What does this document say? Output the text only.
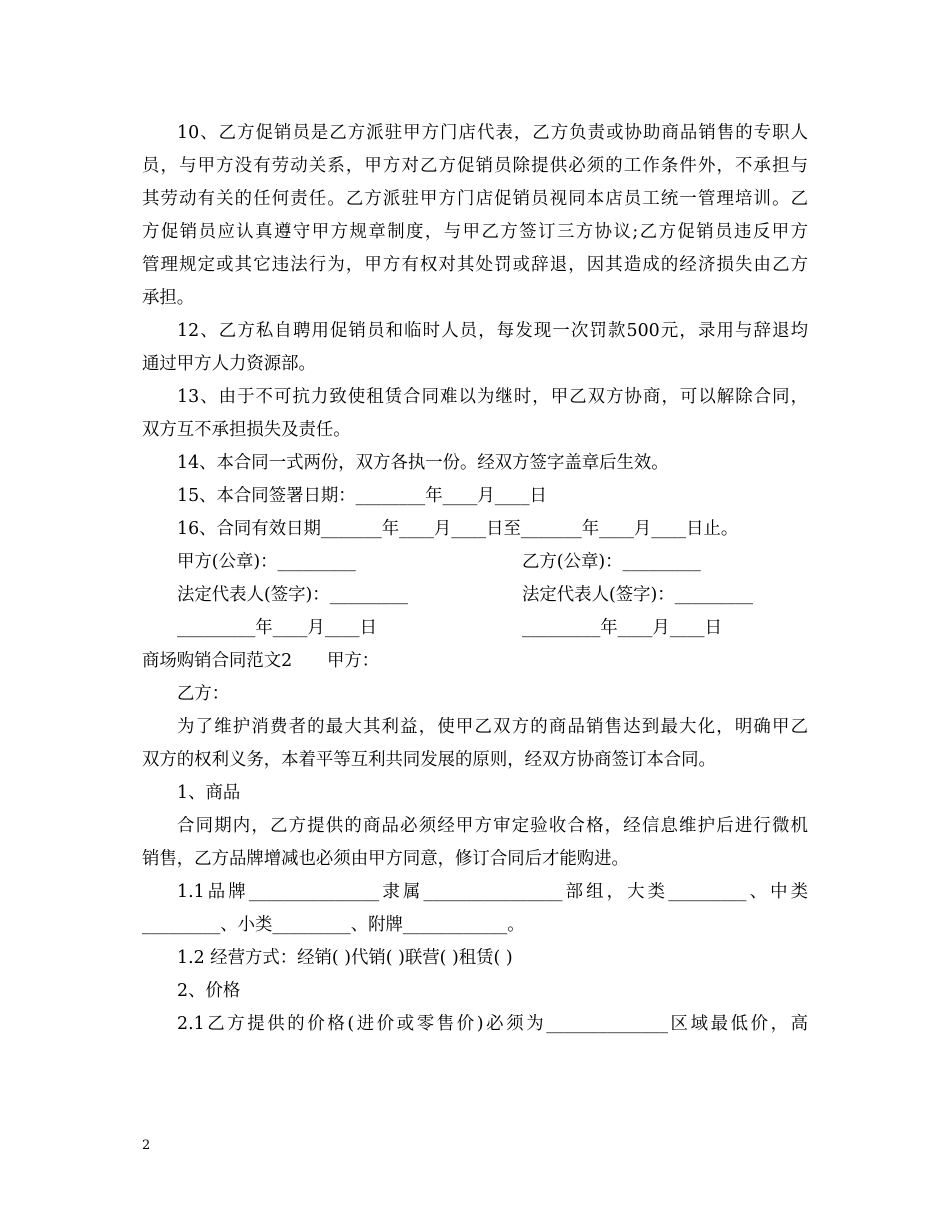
10、乙方促销员是乙方派驻甲方门店代表，乙方负责或协助商品销售的专职人
员，与甲方没有劳动关系，甲方对乙方促销员除提供必须的工作条件外，不承担与
其劳动有关的任何责任。乙方派驻甲方门店促销员视同本店员工统一管理培训。乙
方促销员应认真遵守甲方规章制度，与甲乙方签订三方协议;乙方促销员违反甲方
管理规定或其它违法行为，甲方有权对其处罚或辞退，因其造成的经济损失由乙方
承担。
12、乙方私自聘用促销员和临时人员，每发现一次罚款500元，录用与辞退均
通过甲方人力资源部。
13、由于不可抗力致使租赁合同难以为继时，甲乙双方协商，可以解除合同，
双方互不承担损失及责任。
14、本合同一式两份，双方各执一份。经双方签字盖章后生效。
15、本合同签署日期：________年____月____日
16、合同有效日期_______年____月____日至_______年____月____日止。
甲方(公章)：_________	乙方(公章)：_________
法定代表人(签字)：_________	法定代表人(签字)：_________
_________年____月____日	_________年____月____日
商场购销合同范文2　　甲方：
乙方：
为了维护消费者的最大其利益，使甲乙双方的商品销售达到最大化，明确甲乙
双方的权利义务，本着平等互利共同发展的原则，经双方协商签订本合同。
1、商品
合同期内，乙方提供的商品必须经甲方审定验收合格，经信息维护后进行微机
销售，乙方品牌增减也必须由甲方同意，修订合同后才能购进。
1.1品牌_______________隶属________________部组，大类_________、中类
_________、小类_________、附牌____________。
1.2 经营方式：经销( )代销( )联营( )租赁( )
2、价格
2.1乙方提供的价格(进价或零售价)必须为______________区域最低价，高
2
